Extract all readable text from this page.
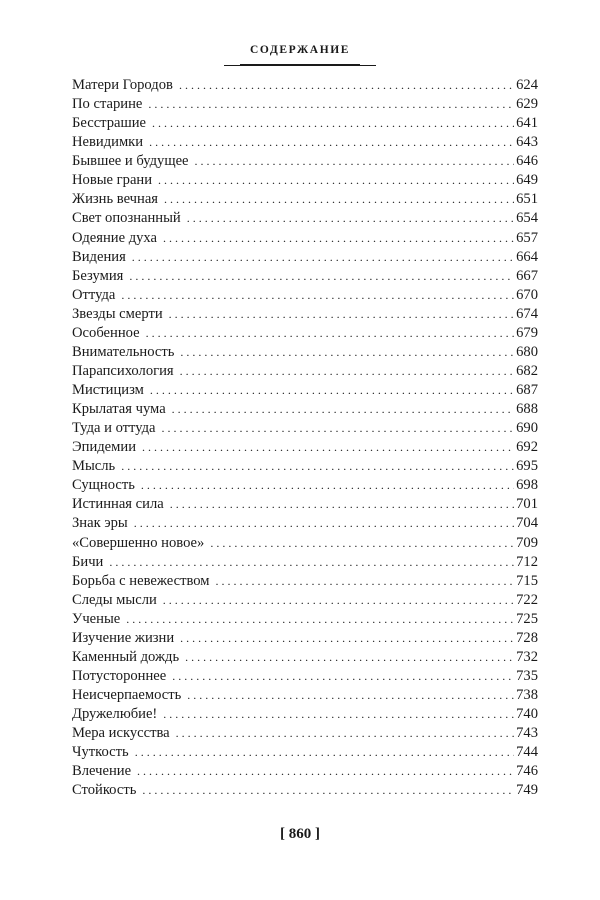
СОДЕРЖАНИЕ
Матери Городов . . .	624
По старине . . .	629
Бесстрашие . . .	641
Невидимки . . .	643
Бывшее и будущее . . .	646
Новые грани . . .	649
Жизнь вечная . . .	651
Свет опознанный . . .	654
Одеяние духа . . .	657
Видения . . .	664
Безумия . . .	667
Оттуда . . .	670
Звезды смерти . . .	674
Особенное . . .	679
Внимательность . . .	680
Парапсихология . . .	682
Мистицизм . . .	687
Крылатая чума . . .	688
Туда и оттуда . . .	690
Эпидемии . . .	692
Мысль . . .	695
Сущность . . .	698
Истинная сила . . .	701
Знак эры . . .	704
«Совершенно новое» . . .	709
Бичи . . .	712
Борьба с невежеством . . .	715
Следы мысли . . .	722
Ученые . . .	725
Изучение жизни . . .	728
Каменный дождь . . .	732
Потустороннее . . .	735
Неисчерпаемость . . .	738
Дружелюбие! . . .	740
Мера искусства . . .	743
Чуткость . . .	744
Влечение . . .	746
Стойкость . . .	749
[ 860 ]
